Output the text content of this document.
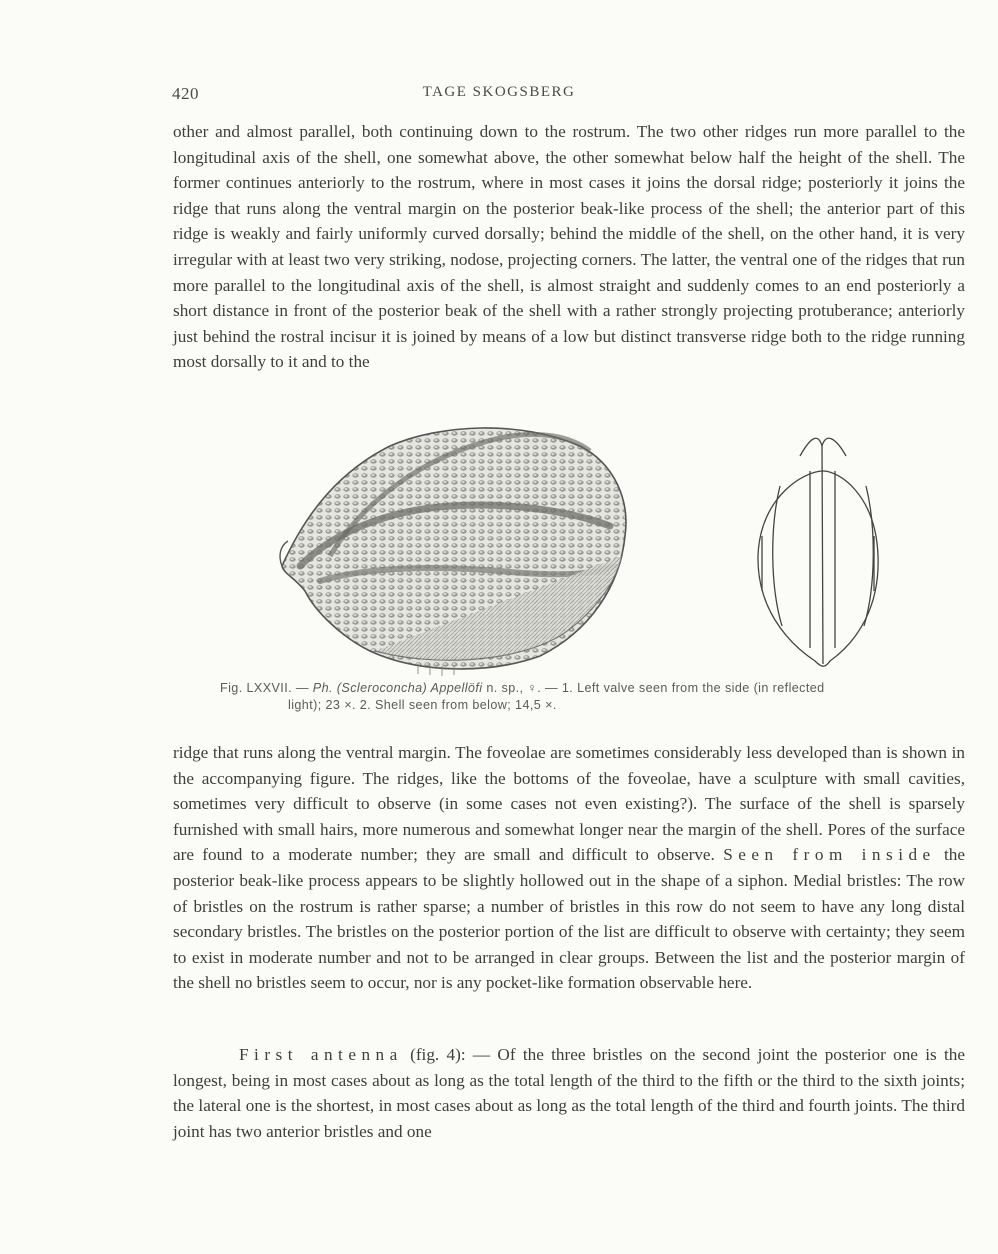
420	TAGE SKOGSBERG

other and almost parallel, both continuing down to the rostrum. The two other ridges run more parallel to the longitudinal axis of the shell, one somewhat above, the other somewhat below half the height of the shell. The former continues anteriorly to the rostrum, where in most cases it joins the dorsal ridge; posteriorly it joins the ridge that runs along the ventral margin on the posterior beak-like process of the shell; the anterior part of this ridge is weakly and fairly uniformly curved dorsally; behind the middle of the shell, on the other hand, it is very irregular with at least two very striking, nodose, projecting corners. The latter, the ventral one of the ridges that run more parallel to the longitudinal axis of the shell, is almost straight and suddenly comes to an end posteriorly a short distance in front of the posterior beak of the shell with a rather strongly projecting protuberance; anteriorly just behind the rostral incisur it is joined by means of a low but distinct transverse ridge both to the ridge running most dorsally to it and to the

Fig. LXXVII. — Ph. (Scleroconcha) Appellöfi n. sp., ♀. — 1. Left valve seen from the side (in reflected
light); 23 ×. 2. Shell seen from below; 14,5 ×.

ridge that runs along the ventral margin. The foveolae are sometimes considerably less developed than is shown in the accompanying figure. The ridges, like the bottoms of the foveolae, have a sculpture with small cavities, sometimes very difficult to observe (in some cases not even existing?). The surface of the shell is sparsely furnished with small hairs, more numerous and somewhat longer near the margin of the shell. Pores of the surface are found to a moderate number; they are small and difficult to observe. Seen from inside the posterior beak-like process appears to be slightly hollowed out in the shape of a siphon. Medial bristles: The row of bristles on the rostrum is rather sparse; a number of bristles in this row do not seem to have any long distal secondary bristles. The bristles on the posterior portion of the list are difficult to observe with certainty; they seem to exist in moderate number and not to be arranged in clear groups. Between the list and the posterior margin of the shell no bristles seem to occur, nor is any pocket-like formation observable here.

First antenna (fig. 4): — Of the three bristles on the second joint the posterior one is the longest, being in most cases about as long as the total length of the third to the fifth or the third to the sixth joints; the lateral one is the shortest, in most cases about as long as the total length of the third and fourth joints. The third joint has two anterior bristles and one
